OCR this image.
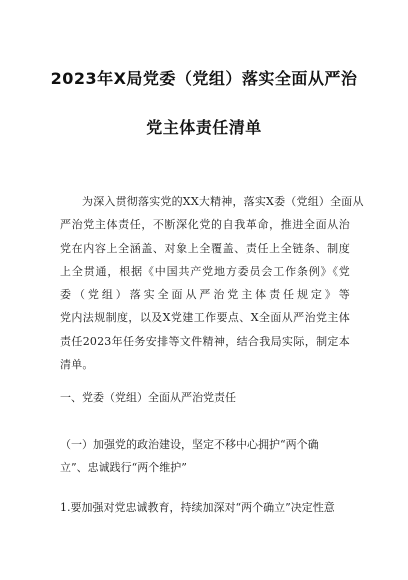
2023年X局党委（党组）落实全面从严治
党主体责任清单
为深入贯彻落实党的XX大精神，落实X委（党组）全面从
严治党主体责任，不断深化党的自我革命，推进全面从治
党在内容上全涵盖、对象上全覆盖、责任上全链条、制度
上全贯通，根据《中国共产党地方委员会工作条例》《党
委（党组）落实全面从严治党主体责任规定》等
党内法规制度，以及X党建工作要点、X全面从严治党主体
责任2023年任务安排等文件精神，结合我局实际，制定本
清单。
一、党委（党组）全面从严治党责任
（一）加强党的政治建设，坚定不移中心拥护“两个确
立”、忠诚践行“两个维护”
1.要加强对党忠诚教育，持续加深对“两个确立”决定性意
